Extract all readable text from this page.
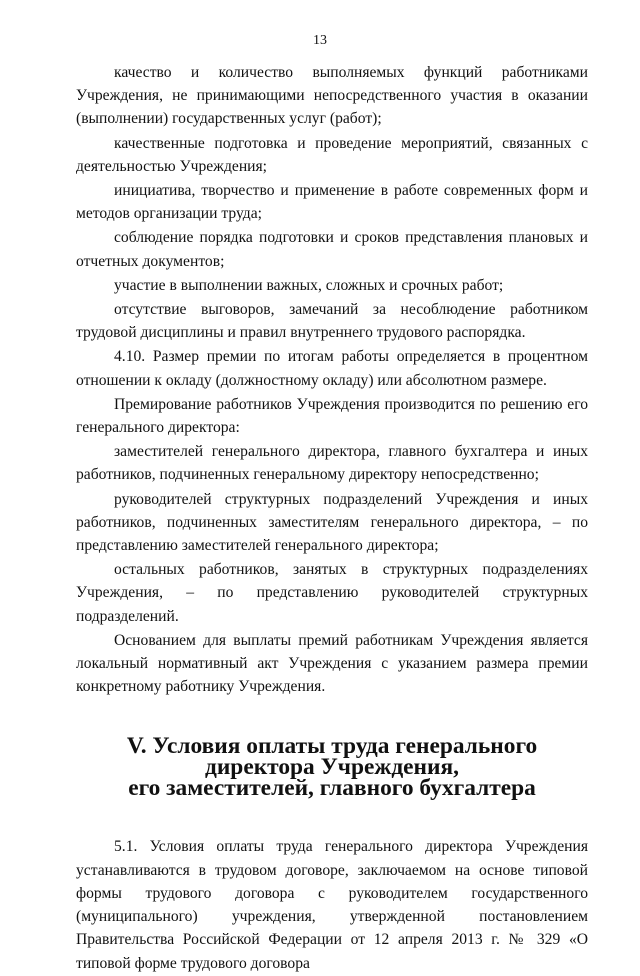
13

качество и количество выполняемых функций работниками Учреждения, не принимающими непосредственного участия в оказании (выполнении) государственных услуг (работ);

качественные подготовка и проведение мероприятий, связанных с деятельностью Учреждения;

инициатива, творчество и применение в работе современных форм и методов организации труда;

соблюдение порядка подготовки и сроков представления плановых и отчетных документов;

участие в выполнении важных, сложных и срочных работ;

отсутствие выговоров, замечаний за несоблюдение работником трудовой дисциплины и правил внутреннего трудового распорядка.

4.10. Размер премии по итогам работы определяется в процентном отношении к окладу (должностному окладу) или абсолютном размере.

Премирование работников Учреждения производится по решению его генерального директора:

заместителей генерального директора, главного бухгалтера и иных работников, подчиненных генеральному директору непосредственно;

руководителей структурных подразделений Учреждения и иных работников, подчиненных заместителям генерального директора, – по представлению заместителей генерального директора;

остальных работников, занятых в структурных подразделениях Учреждения, – по представлению руководителей структурных подразделений.

Основанием для выплаты премий работникам Учреждения является локальный нормативный акт Учреждения с указанием размера премии конкретному работнику Учреждения.

V. Условия оплаты труда генерального директора Учреждения,
его заместителей, главного бухгалтера

5.1. Условия оплаты труда генерального директора Учреждения устанавливаются в трудовом договоре, заключаемом на основе типовой формы трудового договора с руководителем государственного (муниципального) учреждения, утвержденной постановлением Правительства Российской Федерации от 12 апреля 2013 г. № 329 «О типовой форме трудового договора
